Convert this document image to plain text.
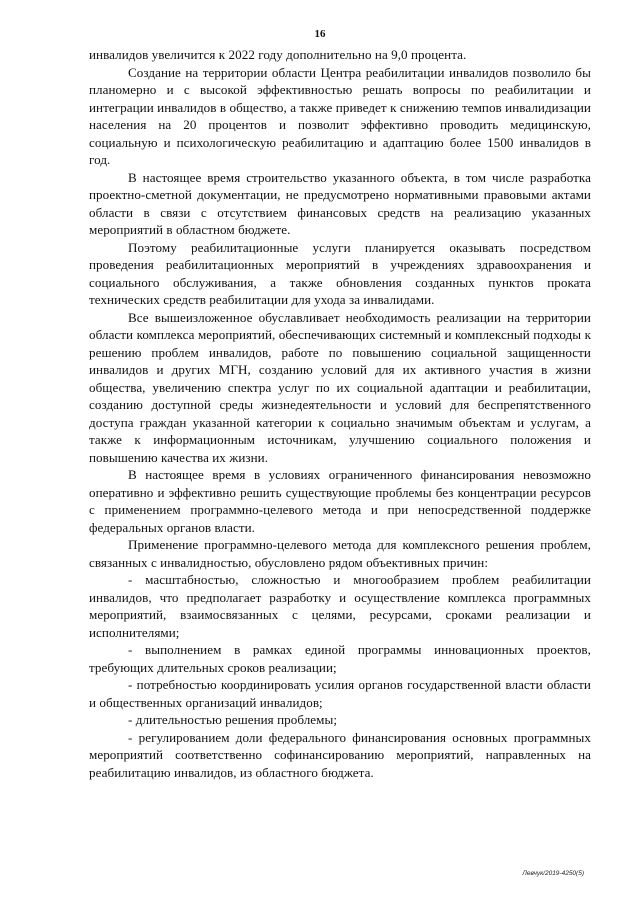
16

инвалидов увеличится к 2022 году дополнительно на 9,0 процента.

Создание на территории области Центра реабилитации инвалидов позволило бы планомерно и с высокой эффективностью решать вопросы по реабилитации и интеграции инвалидов в общество, а также приведет к снижению темпов инвалидизации населения на 20 процентов и позволит эффективно проводить медицинскую, социальную и психологическую реабилитацию и адаптацию более 1500 инвалидов в год.

В настоящее время строительство указанного объекта, в том числе разработка проектно-сметной документации, не предусмотрено нормативными правовыми актами области в связи с отсутствием финансовых средств на реализацию указанных мероприятий в областном бюджете.

Поэтому реабилитационные услуги планируется оказывать посредством проведения реабилитационных мероприятий в учреждениях здравоохранения и социального обслуживания, а также обновления созданных пунктов проката технических средств реабилитации для ухода за инвалидами.

Все вышеизложенное обуславливает необходимость реализации на территории области комплекса мероприятий, обеспечивающих системный и комплексный подходы к решению проблем инвалидов, работе по повышению социальной защищенности инвалидов и других МГН, созданию условий для их активного участия в жизни общества, увеличению спектра услуг по их социальной адаптации и реабилитации, созданию доступной среды жизнедеятельности и условий для беспрепятственного доступа граждан указанной категории к социально значимым объектам и услугам, а также к информационным источникам, улучшению социального положения и повышению качества их жизни.

В настоящее время в условиях ограниченного финансирования невозможно оперативно и эффективно решить существующие проблемы без концентрации ресурсов с применением программно-целевого метода и при непосредственной поддержке федеральных органов власти.

Применение программно-целевого метода для комплексного решения проблем, связанных с инвалидностью, обусловлено рядом объективных причин:

- масштабностью, сложностью и многообразием проблем реабилитации инвалидов, что предполагает разработку и осуществление комплекса программных мероприятий, взаимосвязанных с целями, ресурсами, сроками реализации и исполнителями;

- выполнением в рамках единой программы инновационных проектов, требующих длительных сроков реализации;

- потребностью координировать усилия органов государственной власти области и общественных организаций инвалидов;

- длительностью решения проблемы;

- регулированием доли федерального финансирования основных программных мероприятий соответственно софинансированию мероприятий, направленных на реабилитацию инвалидов, из областного бюджета.

Левчук/2019-4250(5)
